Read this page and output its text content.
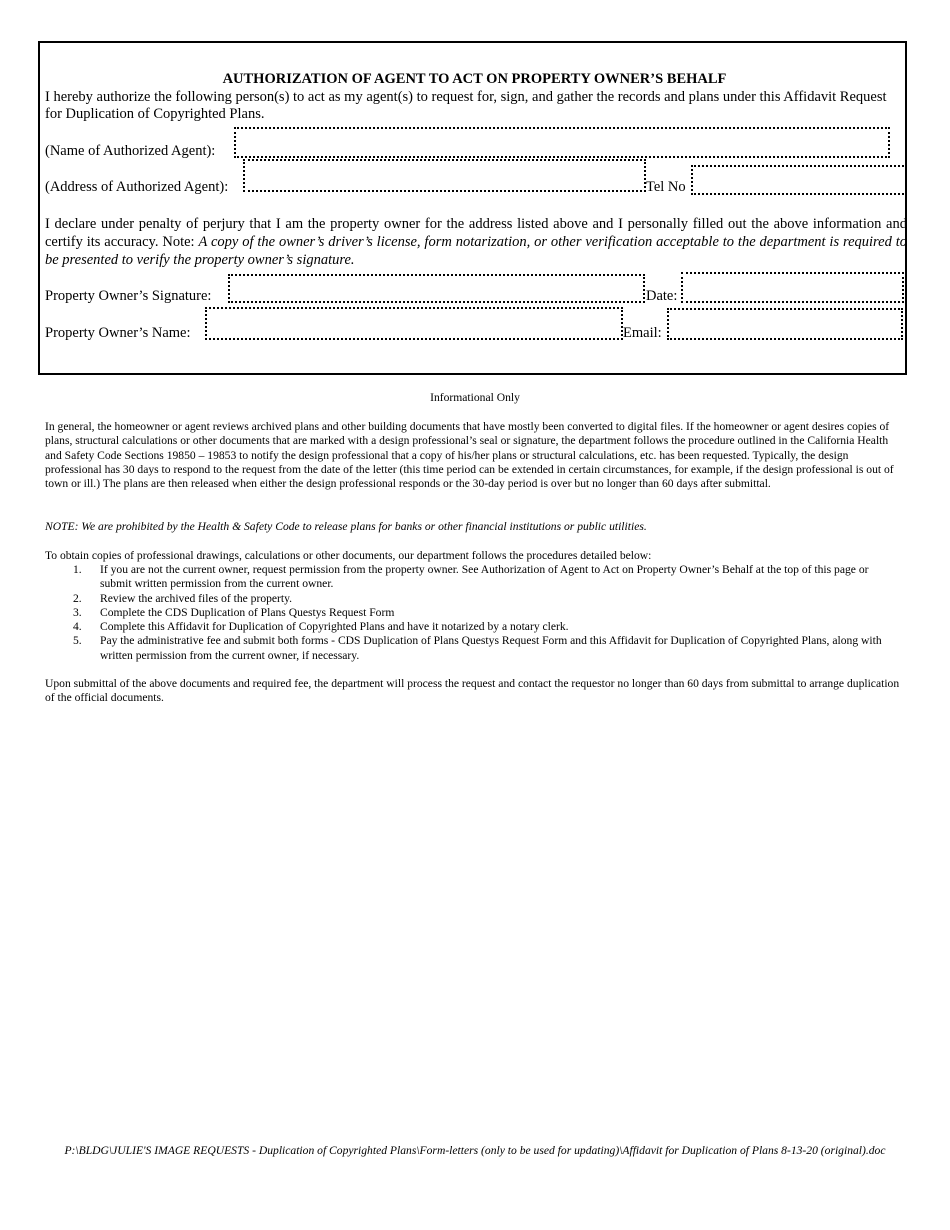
AUTHORIZATION OF AGENT TO ACT ON PROPERTY OWNER’S BEHALF
I hereby authorize the following person(s) to act as my agent(s) to request for, sign, and gather the records and plans under this Affidavit Request for Duplication of Copyrighted Plans.
(Name of Authorized Agent):
(Address of Authorized Agent):	Tel No
I declare under penalty of perjury that I am the property owner for the address listed above and I personally filled out the above information and certify its accuracy. Note: A copy of the owner’s driver’s license, form notarization, or other verification acceptable to the department is required to be presented to verify the property owner’s signature.
Property Owner’s Signature:	Date:
Property Owner’s Name:	Email:
Informational Only
In general, the homeowner or agent reviews archived plans and other building documents that have mostly been converted to digital files. If the homeowner or agent desires copies of plans, structural calculations or other documents that are marked with a design professional’s seal or signature, the department follows the procedure outlined in the California Health and Safety Code Sections 19850 – 19853 to notify the design professional that a copy of his/her plans or structural calculations, etc. has been requested. Typically, the design professional has 30 days to respond to the request from the date of the letter (this time period can be extended in certain circumstances, for example, if the design professional is out of town or ill.) The plans are then released when either the design professional responds or the 30-day period is over but no longer than 60 days after submittal.
NOTE: We are prohibited by the Health & Safety Code to release plans for banks or other financial institutions or public utilities.
To obtain copies of professional drawings, calculations or other documents, our department follows the procedures detailed below:
1. If you are not the current owner, request permission from the property owner. See Authorization of Agent to Act on Property Owner’s Behalf at the top of this page or submit written permission from the current owner.
2. Review the archived files of the property.
3. Complete the CDS Duplication of Plans Questys Request Form
4. Complete this Affidavit for Duplication of Copyrighted Plans and have it notarized by a notary clerk.
5. Pay the administrative fee and submit both forms - CDS Duplication of Plans Questys Request Form and this Affidavit for Duplication of Copyrighted Plans, along with written permission from the current owner, if necessary.
Upon submittal of the above documents and required fee, the department will process the request and contact the requestor no longer than 60 days from submittal to arrange duplication of the official documents.
P:\BLDG\JULIE'S IMAGE REQUESTS - Duplication of Copyrighted Plans\Form-letters (only to be used for updating)\Affidavit for Duplication of Plans 8-13-20 (original).doc
